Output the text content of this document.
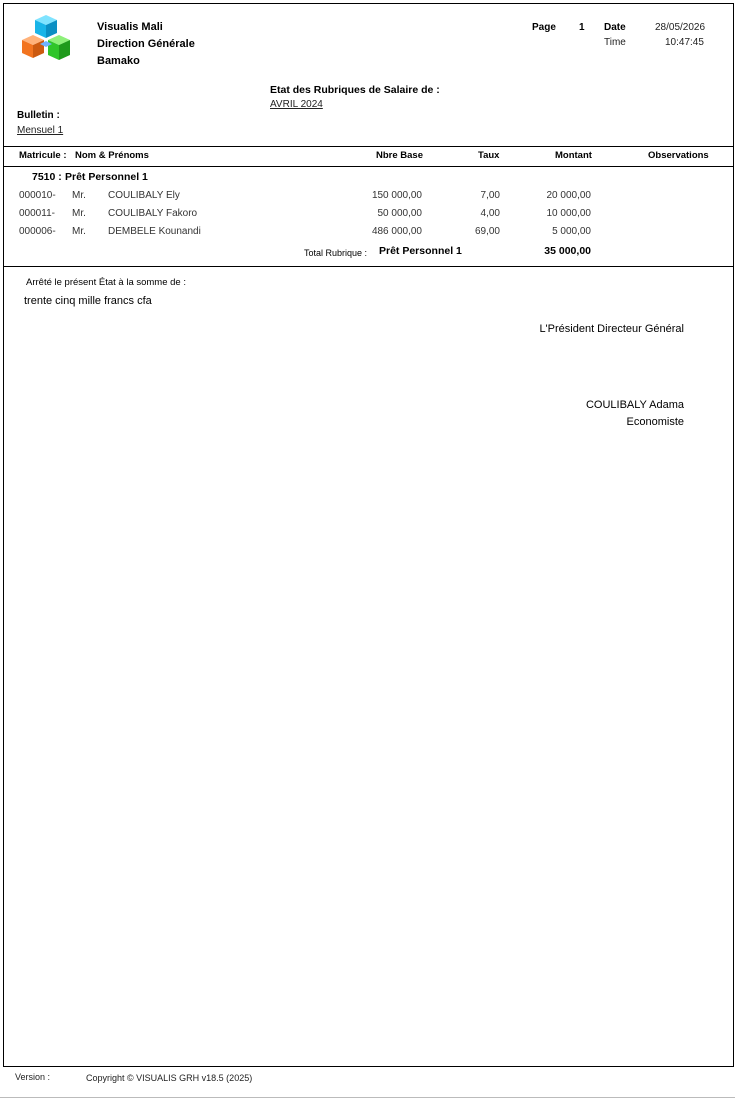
Visualis Mali
Direction Générale
Bamako
Page 1 Date	28/05/2026
Time	10:47:45
Etat des Rubriques de Salaire de :
AVRIL 2024
Bulletin :
Mensuel 1
Matricule : Nom & Prénoms	Nbre Base	Taux	Montant	Observations
7510 : Prêt Personnel 1
000010- Mr. COULIBALY Ely	150 000,00	7,00	20 000,00
000011- Mr. COULIBALY Fakoro	50 000,00	4,00	10 000,00
000006- Mr. DEMBELE Kounandi	486 000,00	69,00	5 000,00
Total Rubrique : Prêt Personnel 1	35 000,00
Arrêté le présent État à la somme de :
trente cinq mille francs cfa
L'Président Directeur Général
COULIBALY Adama
Economiste
Version :	Copyright © VISUALIS GRH v18.5 (2025)
